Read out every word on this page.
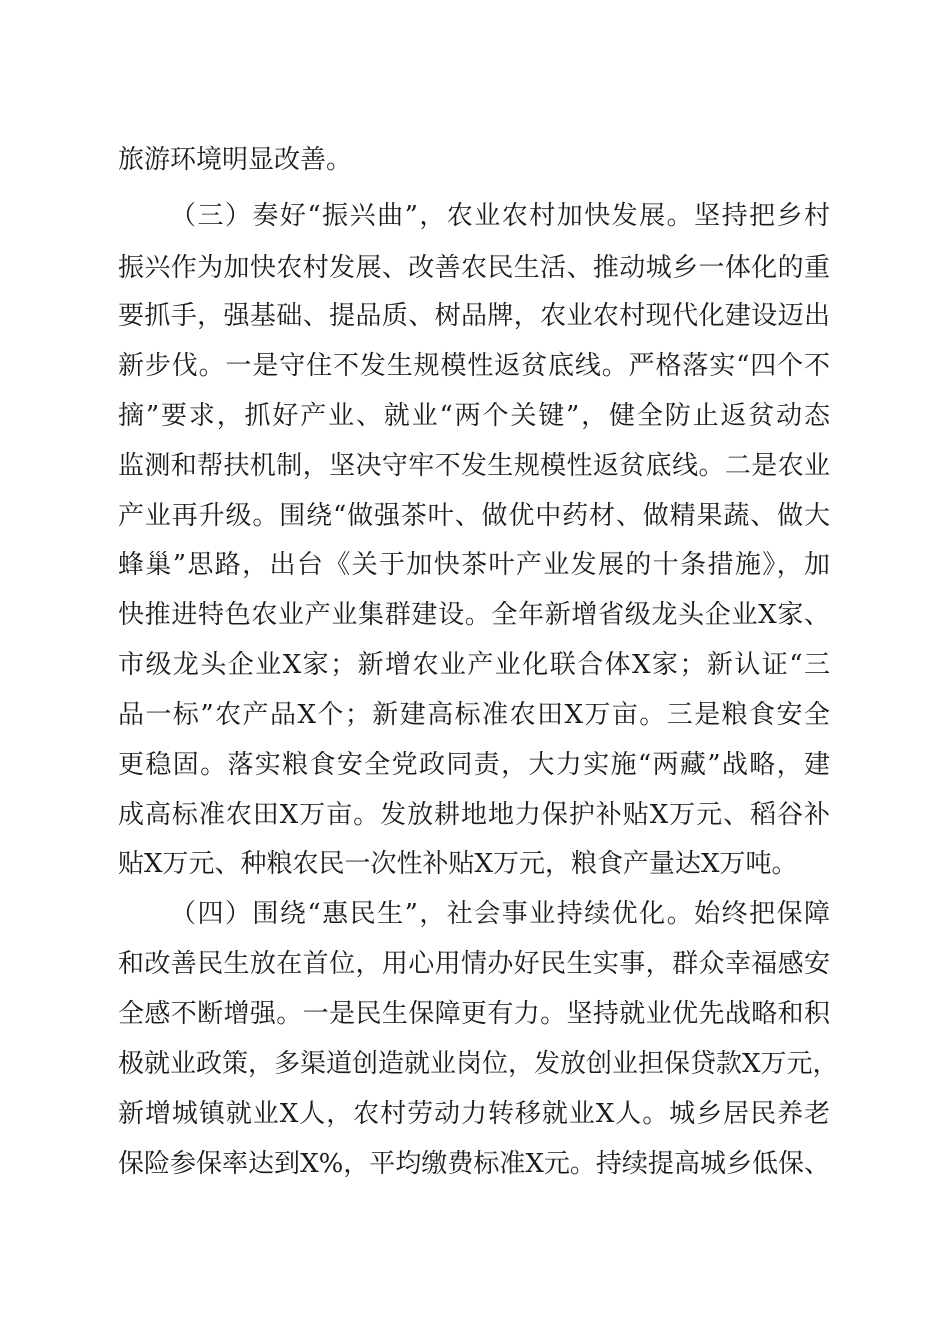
旅游环境明显改善。
（三）奏好“振兴曲”，农业农村加快发展。坚持把乡村
振兴作为加快农村发展、改善农民生活、推动城乡一体化的重
要抓手，强基础、提品质、树品牌，农业农村现代化建设迈出
新步伐。一是守住不发生规模性返贫底线。严格落实“四个不
摘”要求，抓好产业、就业“两个关键”，健全防止返贫动态
监测和帮扶机制，坚决守牢不发生规模性返贫底线。二是农业
产业再升级。围绕“做强茶叶、做优中药材、做精果蔬、做大
蜂巢”思路，出台《关于加快茶叶产业发展的十条措施》，加
快推进特色农业产业集群建设。全年新增省级龙头企业X家、
市级龙头企业X家；新增农业产业化联合体X家；新认证“三
品一标”农产品X个；新建高标准农田X万亩。三是粮食安全
更稳固。落实粮食安全党政同责，大力实施“两藏”战略，建
成高标准农田X万亩。发放耕地地力保护补贴X万元、稻谷补
贴X万元、种粮农民一次性补贴X万元，粮食产量达X万吨。
（四）围绕“惠民生”，社会事业持续优化。始终把保障
和改善民生放在首位，用心用情办好民生实事，群众幸福感安
全感不断增强。一是民生保障更有力。坚持就业优先战略和积
极就业政策，多渠道创造就业岗位，发放创业担保贷款X万元，
新增城镇就业X人，农村劳动力转移就业X人。城乡居民养老
保险参保率达到X%，平均缴费标准X元。持续提高城乡低保、
